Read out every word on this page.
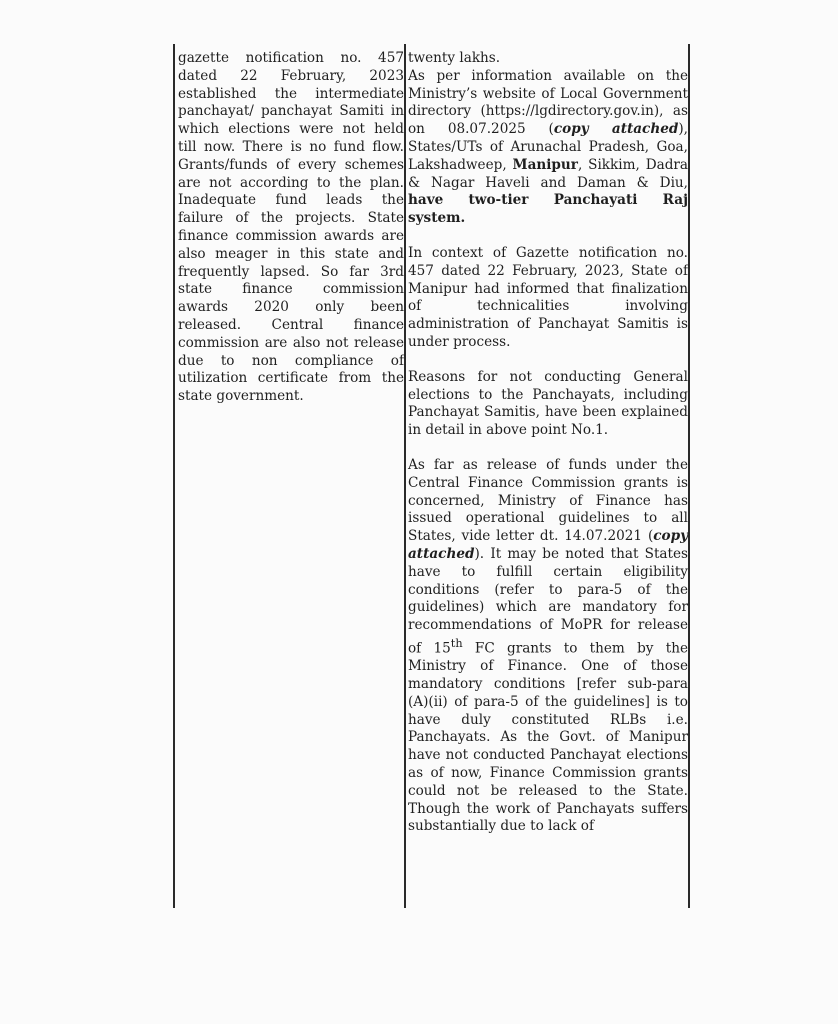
gazette notification no. 457 dated 22 February, 2023 established the intermediate panchayat/ panchayat Samiti in which elections were not held till now. There is no fund flow. Grants/funds of every schemes are not according to the plan. Inadequate fund leads the failure of the projects. State finance commission awards are also meager in this state and frequently lapsed. So far 3rd state finance commission awards 2020 only been released. Central finance commission are also not release due to non compliance of utilization certificate from the state government.

twenty lakhs.

As per information available on the Ministry’s website of Local Government directory (https://lgdirectory.gov.in), as on 08.07.2025 (copy attached), States/UTs of Arunachal Pradesh, Goa, Lakshadweep, Manipur, Sikkim, Dadra & Nagar Haveli and Daman & Diu, have two-tier Panchayati Raj system.

In context of Gazette notification no. 457 dated 22 February, 2023, State of Manipur had informed that finalization of technicalities involving administration of Panchayat Samitis is under process.

Reasons for not conducting General elections to the Panchayats, including Panchayat Samitis, have been explained in detail in above point No.1.

As far as release of funds under the Central Finance Commission grants is concerned, Ministry of Finance has issued operational guidelines to all States, vide letter dt. 14.07.2021 (copy attached). It may be noted that States have to fulfill certain eligibility conditions (refer to para-5 of the guidelines) which are mandatory for recommendations of MoPR for release of 15th FC grants to them by the Ministry of Finance. One of those mandatory conditions [refer sub-para (A)(ii) of para-5 of the guidelines] is to have duly constituted RLBs i.e. Panchayats. As the Govt. of Manipur have not conducted Panchayat elections as of now, Finance Commission grants could not be released to the State. Though the work of Panchayats suffers substantially due to lack of
